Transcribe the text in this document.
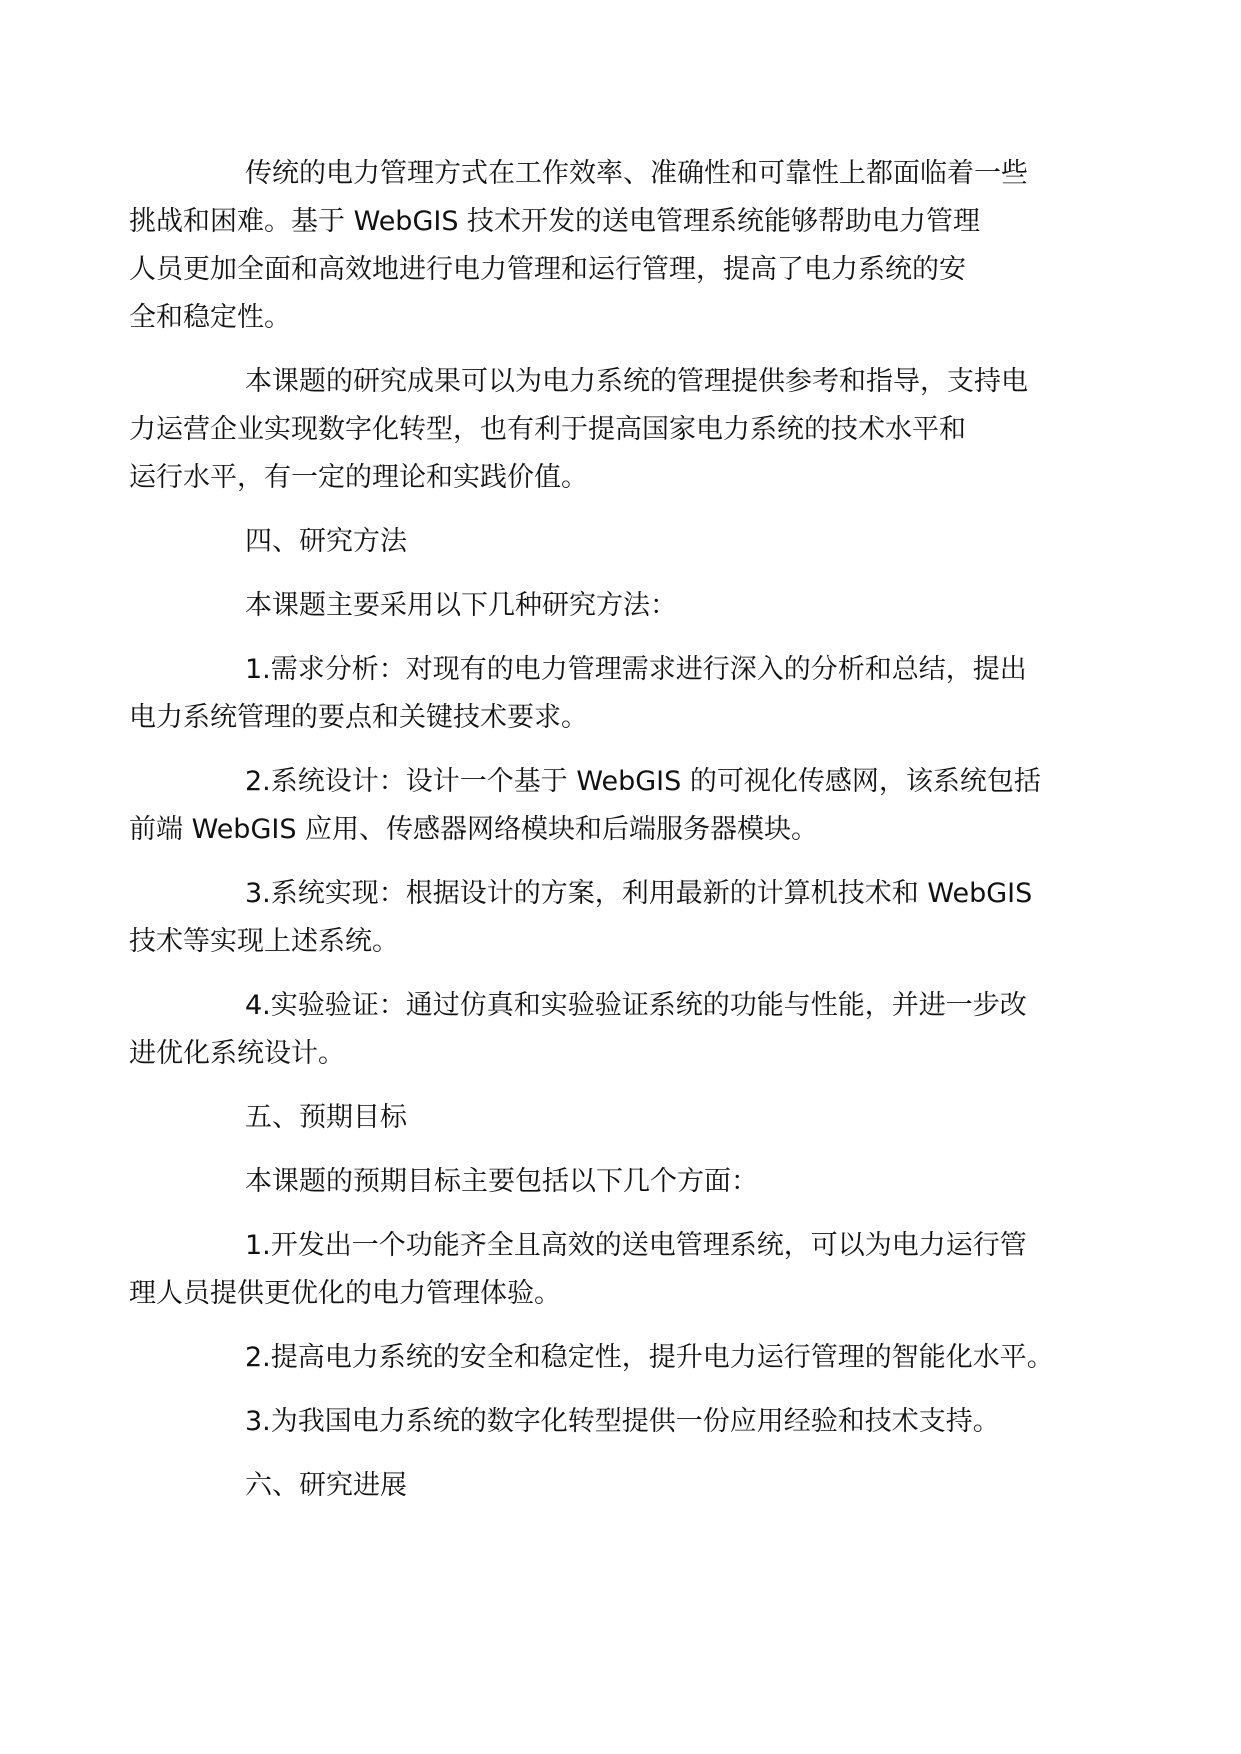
传统的电力管理方式在工作效率、准确性和可靠性上都面临着一些
挑战和困难。基于 WebGIS 技术开发的送电管理系统能够帮助电力管理
人员更加全面和高效地进行电力管理和运行管理，提高了电力系统的安
全和稳定性。

本课题的研究成果可以为电力系统的管理提供参考和指导，支持电
力运营企业实现数字化转型，也有利于提高国家电力系统的技术水平和
运行水平，有一定的理论和实践价值。

四、研究方法

本课题主要采用以下几种研究方法：

1.需求分析：对现有的电力管理需求进行深入的分析和总结，提出
电力系统管理的要点和关键技术要求。

2.系统设计：设计一个基于 WebGIS 的可视化传感网，该系统包括
前端 WebGIS 应用、传感器网络模块和后端服务器模块。

3.系统实现：根据设计的方案，利用最新的计算机技术和 WebGIS
技术等实现上述系统。

4.实验验证：通过仿真和实验验证系统的功能与性能，并进一步改
进优化系统设计。

五、预期目标

本课题的预期目标主要包括以下几个方面：

1.开发出一个功能齐全且高效的送电管理系统，可以为电力运行管
理人员提供更优化的电力管理体验。

2.提高电力系统的安全和稳定性，提升电力运行管理的智能化水平。

3.为我国电力系统的数字化转型提供一份应用经验和技术支持。

六、研究进展
